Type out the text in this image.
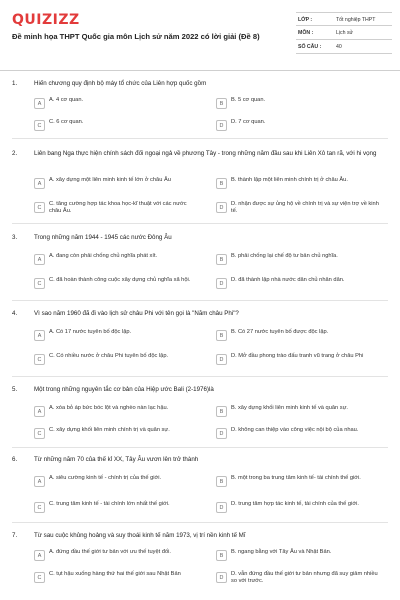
QUIZIZZ
Đề minh họa THPT Quốc gia môn Lịch sử năm 2022 có lời giải (Đề 8)
LỚP :	Tốt nghiệp THPT
MÔN :	Lịch sử
SỐ CÂU :	40
1.	Hiến chương quy định bộ máy tổ chức của Liên hợp quốc gồm
A
A. 4 cơ quan.
B
B. 5 cơ quan.
C
C. 6 cơ quan.
D
D. 7 cơ quan.
2.	Liên bang Nga thực hiện chính sách đối ngoại ngả về phương Tây - trong những năm đầu sau khi Liên Xô tan rã, với hi vọng
A
A. xây dựng một liên minh kinh tế lớn ở châu Âu
B
B. thành lập một liên minh chính trị ở châu Âu.
C
C. tăng cường hợp tác khoa học-kĩ thuật với các nước châu Âu.	D
D. nhận được sự ủng hộ về chính trị và sự viện trợ về kinh tế.
3.	Trong những năm 1944 - 1945 các nước Đông Âu
A
A. đang còn phải chống chủ nghĩa phát xít.
B
B. phải chống lại chế độ tư bản chủ nghĩa.
C
C. đã hoàn thành công cuộc xây dựng chủ nghĩa xã hội.
D
D. đã thành lập nhà nước dân chủ nhân dân.
4.	Vì sao năm 1960 đã đi vào lịch sử châu Phi với tên gọi là "Năm châu Phi"?
A
A. Có 17 nước tuyên bố độc lập.
B
B. Có 27 nước tuyên bố được độc lập.
C
C. Có nhiều nước ở châu Phi tuyên bố độc lập.
D
D. Mở đầu phong trào đấu tranh vũ trang ở châu Phi
5.	Một trong những nguyên tắc cơ bản của Hiệp ước Bali (2-1976)là
A
A. xóa bỏ áp bức bóc lột và nghèo nàn lạc hậu.
B
B. xây dựng khối liên minh kinh tế và quân sự.
C
C. xây dựng khối liên minh chính trị và quân sự.
D
D. không can thiệp vào công việc nội bộ của nhau.
6.	Từ những năm 70 của thế kỉ XX, Tây Âu vươn lên trở thành
A
A. siêu cường kinh tế - chính trị của thế giới.
B
B. một trong ba trung tâm kinh tế- tài chính thế giới.
C
C. trung tâm kinh tế - tài chính lớn nhất thế giới.
D
D. trung tâm hợp tác kinh tế, tài chính của thế giới.
7.	Từ sau cuộc khủng hoảng và suy thoái kinh tế năm 1973, vị trí nền kinh tế Mĩ
A
A. đứng đầu thế giới tư bản với ưu thế tuyệt đối.
B
B. ngang bằng với Tây Âu và Nhật Bản.
C
C. tụt hậu xuống hàng thứ hai thế giới sau Nhật Bản
D
D. vẫn đứng đầu thế giới tư bản nhưng đã suy giảm nhiều so với trước.
